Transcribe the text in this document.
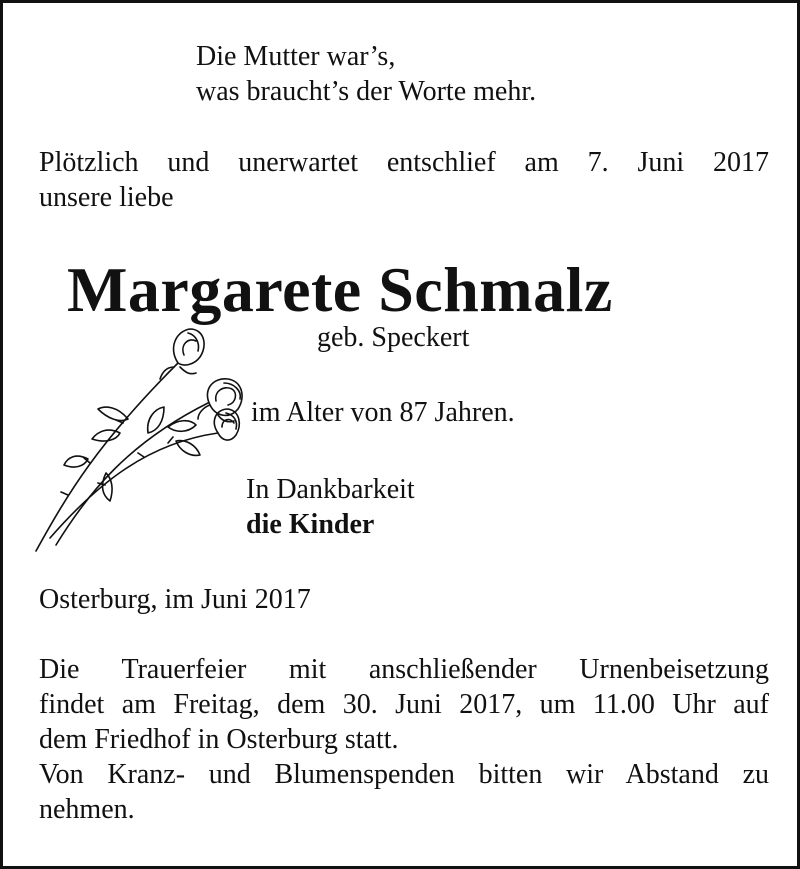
Die Mutter war’s,
was braucht’s der Worte mehr.
Plötzlich und unerwartet entschlief am 7. Juni 2017
unsere liebe
Margarete Schmalz
geb. Speckert
im Alter von 87 Jahren.
In Dankbarkeit
die Kinder
Osterburg, im Juni 2017
Die Trauerfeier mit anschließender Urnenbeisetzung
findet am Freitag, dem 30. Juni 2017, um 11.00 Uhr auf
dem Friedhof in Osterburg statt.
Von Kranz- und Blumenspenden bitten wir Abstand zu
nehmen.
